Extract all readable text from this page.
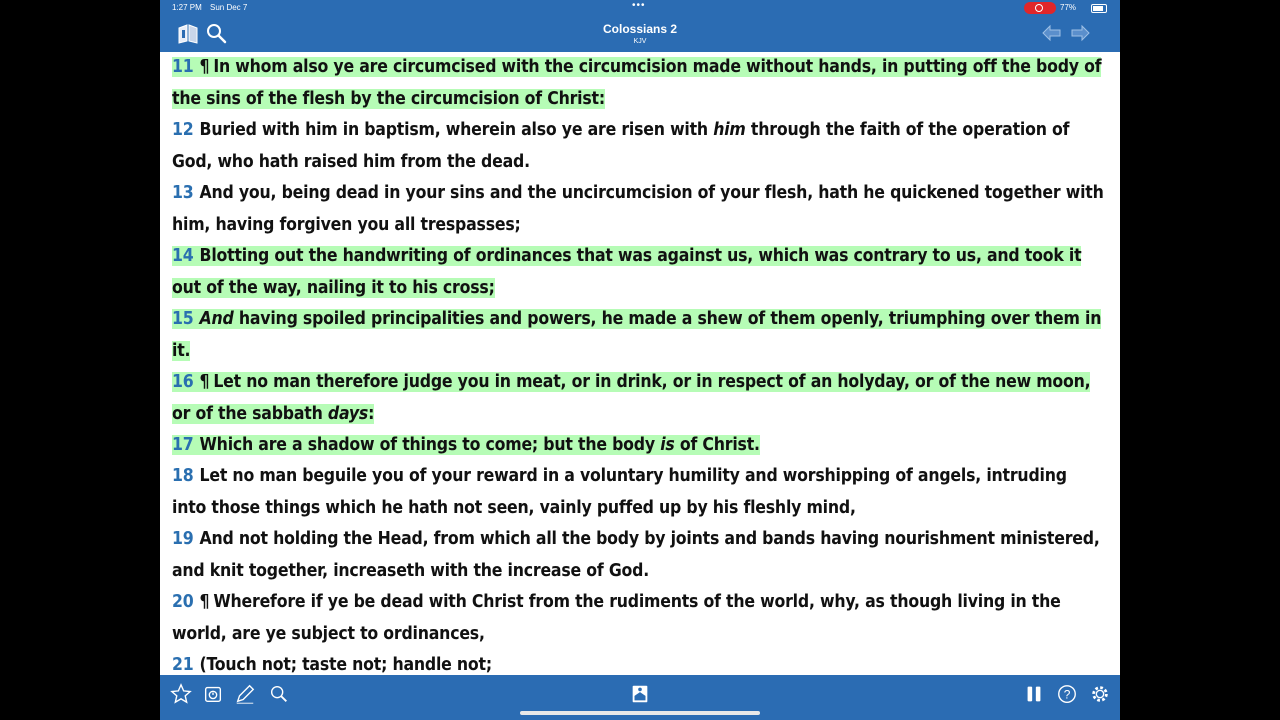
1:27 PM Sun Dec 7	•••	77%
Colossians 2
KJV
11 ¶ In whom also ye are circumcised with the circumcision made without hands, in putting off the body of the sins of the flesh by the circumcision of Christ:
12 Buried with him in baptism, wherein also ye are risen with him through the faith of the operation of God, who hath raised him from the dead.
13 And you, being dead in your sins and the uncircumcision of your flesh, hath he quickened together with him, having forgiven you all trespasses;
14 Blotting out the handwriting of ordinances that was against us, which was contrary to us, and took it out of the way, nailing it to his cross;
15 And having spoiled principalities and powers, he made a shew of them openly, triumphing over them in it.
16 ¶ Let no man therefore judge you in meat, or in drink, or in respect of an holyday, or of the new moon, or of the sabbath days:
17 Which are a shadow of things to come; but the body is of Christ.
18 Let no man beguile you of your reward in a voluntary humility and worshipping of angels, intruding into those things which he hath not seen, vainly puffed up by his fleshly mind,
19 And not holding the Head, from which all the body by joints and bands having nourishment ministered, and knit together, increaseth with the increase of God.
20 ¶ Wherefore if ye be dead with Christ from the rudiments of the world, why, as though living in the world, are ye subject to ordinances,
21 (Touch not; taste not; handle not;
?
